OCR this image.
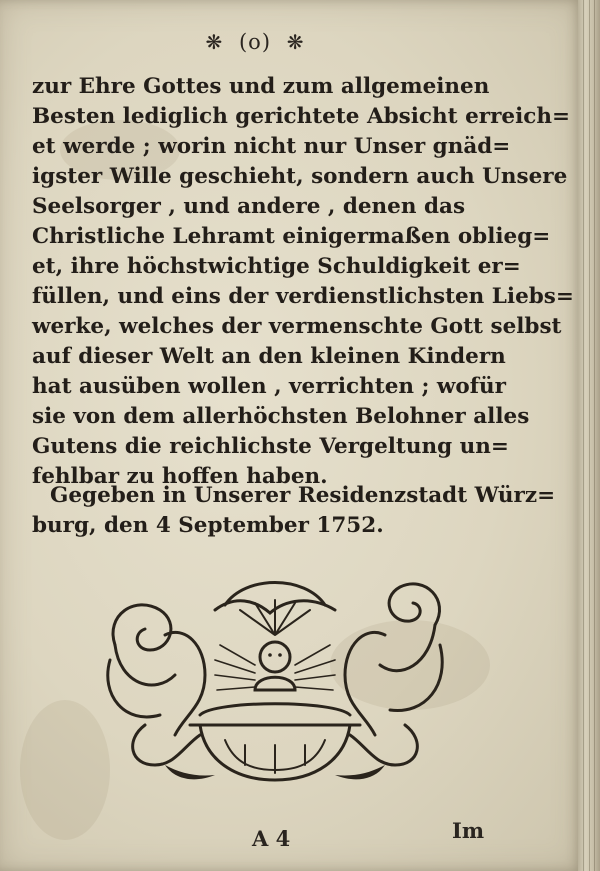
❋ (o) ❋
zur Ehre Gottes und zum allgemeinen
Besten lediglich gerichtete Absicht erreich=
et werde ; worin nicht nur Unser gnäd=
igster Wille geschieht, sondern auch Unsere
Seelsorger , und andere , denen das
Christliche Lehramt einigermaßen oblieg=
et, ihre höchstwichtige Schuldigkeit er=
füllen, und eins der verdienstlichsten Liebs=
werke, welches der vermenschte Gott selbst
auf dieser Welt an den kleinen Kindern
hat ausüben wollen , verrichten ; wofür
sie von dem allerhöchsten Belohner alles
Gutens die reichlichste Vergeltung un=
fehlbar zu hoffen haben.
Gegeben in Unserer Residenzstadt Würz=
burg, den 4 September 1752.
A 4	Im
